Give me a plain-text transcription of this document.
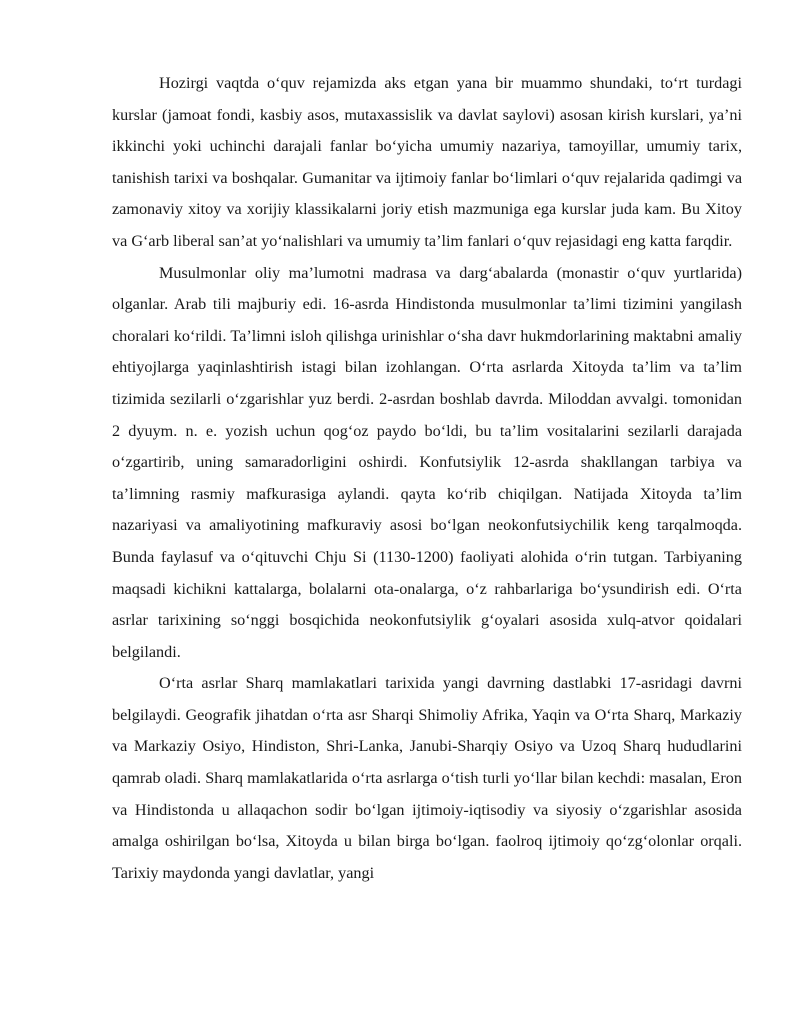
Hozirgi vaqtda o‘quv rejamizda aks etgan yana bir muammo shundaki, to‘rt turdagi kurslar (jamoat fondi, kasbiy asos, mutaxassislik va davlat saylovi) asosan kirish kurslari, ya’ni ikkinchi yoki uchinchi darajali fanlar bo‘yicha umumiy nazariya, tamoyillar, umumiy tarix, tanishish tarixi va boshqalar. Gumanitar va ijtimoiy fanlar bo‘limlari o‘quv rejalarida qadimgi va zamonaviy xitoy va xorijiy klassikalarni joriy etish mazmuniga ega kurslar juda kam. Bu Xitoy va G‘arb liberal san’at yo‘nalishlari va umumiy ta’lim fanlari o‘quv rejasidagi eng katta farqdir.

Musulmonlar oliy ma’lumotni madrasa va darg‘abalarda (monastir o‘quv yurtlarida) olganlar. Arab tili majburiy edi. 16-asrda Hindistonda musulmonlar ta’limi tizimini yangilash choralari ko‘rildi. Ta’limni isloh qilishga urinishlar o‘sha davr hukmdorlarining maktabni amaliy ehtiyojlarga yaqinlashtirish istagi bilan izohlangan. O‘rta asrlarda Xitoyda ta’lim va ta’lim tizimida sezilarli o‘zgarishlar yuz berdi. 2-asrdan boshlab davrda. Miloddan avvalgi. tomonidan 2 dyuym. n. e. yozish uchun qog‘oz paydo bo‘ldi, bu ta’lim vositalarini sezilarli darajada o‘zgartirib, uning samaradorligini oshirdi. Konfutsiylik 12-asrda shakllangan tarbiya va ta’limning rasmiy mafkurasiga aylandi. qayta ko‘rib chiqilgan. Natijada Xitoyda ta’lim nazariyasi va amaliyotining mafkuraviy asosi bo‘lgan neokonfutsiychilik keng tarqalmoqda. Bunda faylasuf va o‘qituvchi Chju Si (1130-1200) faoliyati alohida o‘rin tutgan. Tarbiyaning maqsadi kichikni kattalarga, bolalarni ota-onalarga, o‘z rahbarlariga bo‘ysundirish edi. O‘rta asrlar tarixining so‘nggi bosqichida neokonfutsiylik g‘oyalari asosida xulq-atvor qoidalari belgilandi.

O‘rta asrlar Sharq mamlakatlari tarixida yangi davrning dastlabki 17-asridagi davrni belgilaydi. Geografik jihatdan o‘rta asr Sharqi Shimoliy Afrika, Yaqin va O‘rta Sharq, Markaziy va Markaziy Osiyo, Hindiston, Shri-Lanka, Janubi-Sharqiy Osiyo va Uzoq Sharq hududlarini qamrab oladi. Sharq mamlakatlarida o‘rta asrlarga o‘tish turli yo‘llar bilan kechdi: masalan, Eron va Hindistonda u allaqachon sodir bo‘lgan ijtimoiy-iqtisodiy va siyosiy o‘zgarishlar asosida amalga oshirilgan bo‘lsa, Xitoyda u bilan birga bo‘lgan. faolroq ijtimoiy qo‘zg‘olonlar orqali. Tarixiy maydonda yangi davlatlar, yangi
